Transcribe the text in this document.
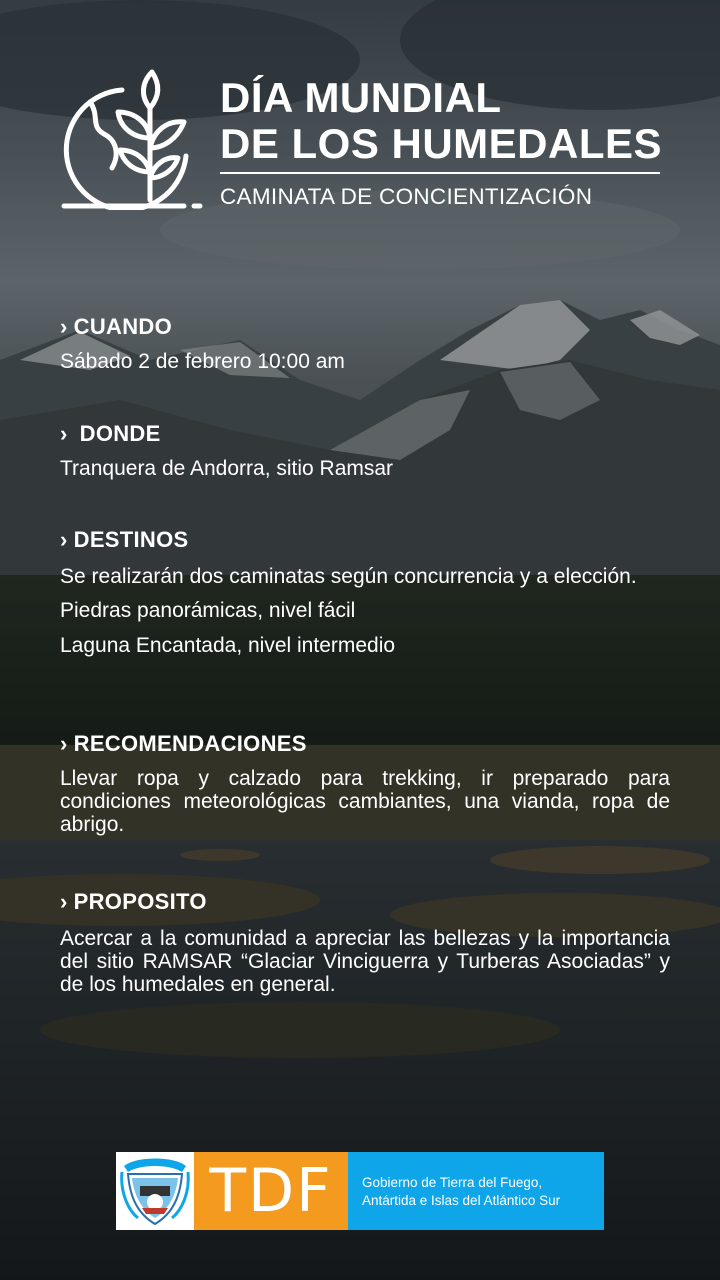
DÍA MUNDIAL
DE LOS HUMEDALES
CAMINATA DE CONCIENTIZACIÓN
› CUANDO
Sábado 2 de febrero 10:00 am
› DONDE
Tranquera de Andorra, sitio Ramsar
› DESTINOS
Se realizarán dos caminatas según concurrencia y a elección.
Piedras panorámicas, nivel fácil
Laguna Encantada, nivel intermedio
› RECOMENDACIONES
Llevar ropa y calzado para trekking, ir preparado para condiciones meteorológicas cambiantes, una vianda, ropa de abrigo.
› PROPOSITO
Acercar a la comunidad a apreciar las bellezas y la importancia del sitio RAMSAR “Glaciar Vinciguerra y Turberas Asociadas” y de los humedales en general.
TDF	Gobierno de Tierra del Fuego,
Antártida e Islas del Atlántico Sur
